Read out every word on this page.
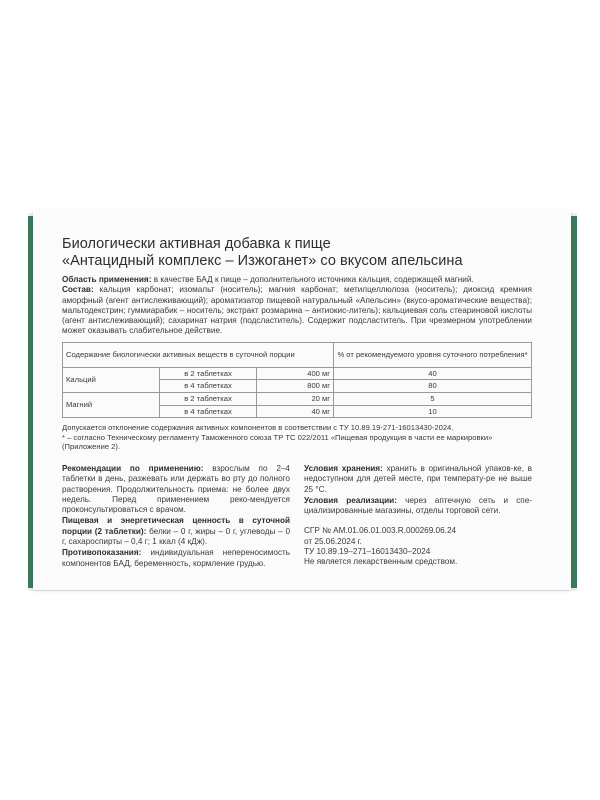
Биологически активная добавка к пище
«Антацидный комплекс – Изжоганет» со вкусом апельсина

Область применения: в качестве БАД к пище – дополнительного источника кальция, содержащей магний.

Состав: кальция карбонат; изомальт (носитель); магния карбонат; метилцеллюлоза (носитель); диоксид кремния аморфный (агент антислеживающий); ароматизатор пищевой натуральный «Апельсин» (вкусо-ароматические вещества); мальтодекстрин; гуммиарабик – носитель; экстракт розмарина – антиокис-литель); кальциевая соль стеариновой кислоты (агент антислеживающий); сахаринат натрия (подсластитель). Содержит подсластитель. При чрезмерном употреблении может оказывать слабительное действие.

Содержание биологически активных веществ в суточной порции			% от рекомендуемого уровня суточного потребления*
Кальций	в 2 таблетках	400 мг	40
	в 4 таблетках	800 мг	80
Магний	в 2 таблетках	20 мг	5
	в 4 таблетках	40 мг	10
Допускается отклонение содержания активных компонентов в соответствии с ТУ 10.89.19-271-16013430-2024.
* – согласно Техническому регламенту Таможенного союза ТР ТС 022/2011 «Пищевая продукция в части ее маркировки» (Приложение 2).

Рекомендации по применению: взрослым по 2–4 таблетки в день, разжевать или держать во рту до полного растворения. Продолжительность приема: не более двух недель. Перед применением реко-мендуется проконсультироваться с врачом.

Пищевая и энергетическая ценность в суточной порции (2 таблетки): белки – 0 г, жиры – 0 г, углеводы – 0 г, сахароспирты – 0,4 г; 1 ккал (4 кДж).

Противопоказания: индивидуальная непереносимость компонентов БАД, беременность, кормление грудью.

Условия хранения: хранить в оригинальной упаков-ке, в недоступном для детей месте, при температу-ре не выше 25 °С.

Условия реализации: через аптечную сеть и спе-циализированные магазины, отделы торговой сети.

СГР № AM.01.06.01.003.R.000269.06.24
от 25.06.2024 г.
ТУ 10.89.19–271–16013430–2024
Не является лекарственным средством.
